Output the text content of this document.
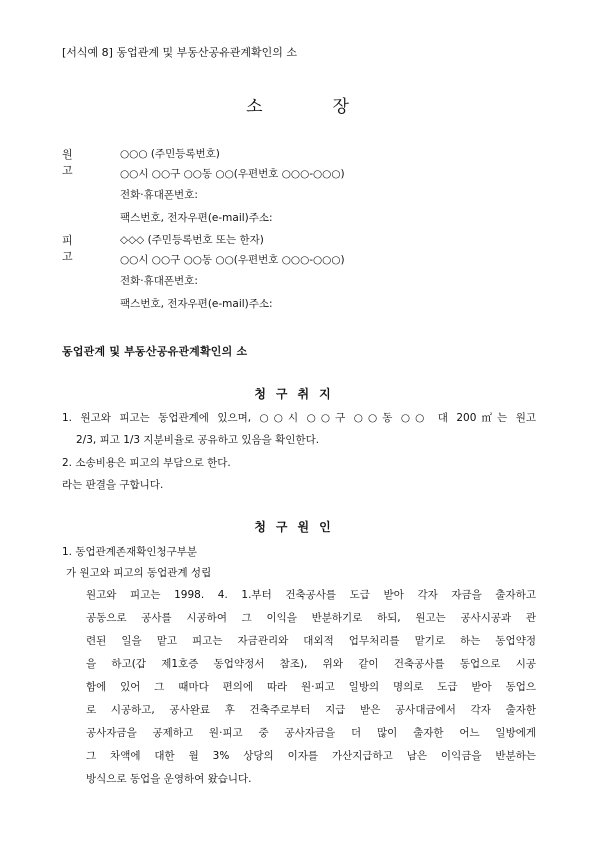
[서식예 8] 동업관계 및 부동산공유관계확인의 소
소	장
원고
○○○ (주민등록번호)
○○시 ○○구 ○○동 ○○(우편번호 ○○○-○○○)
전화·휴대폰번호:
팩스번호, 전자우편(e-mail)주소:
피고
◇◇◇ (주민등록번호 또는 한자)
○○시 ○○구 ○○동 ○○(우편번호 ○○○-○○○)
전화·휴대폰번호:
팩스번호, 전자우편(e-mail)주소:
동업관계 및 부동산공유관계확인의 소
청구취지
1. 원고와 피고는 동업관계에 있으며, ○○시 ○○구 ○○동 ○○ 대 200㎡는 원고
2/3, 피고 1/3 지분비율로 공유하고 있음을 확인한다.
2. 소송비용은 피고의 부담으로 한다.
라는 판결을 구합니다.
청구원인
1. 동업관계존재확인청구부분
가 원고와 피고의 동업관계 성립
원고와 피고는 1998. 4. 1.부터 건축공사를 도급 받아 각자 자금을 출자하고
공동으로 공사를 시공하여 그 이익을 반분하기로 하되, 원고는 공사시공과 관
련된 일을 맡고 피고는 자금관리와 대외적 업무처리를 맡기로 하는 동업약정
을 하고(갑 제1호증 동업약정서 참조), 위와 같이 건축공사를 동업으로 시공
함에 있어 그 때마다 편의에 따라 원·피고 일방의 명의로 도급 받아 동업으
로 시공하고, 공사완료 후 건축주로부터 지급 받은 공사대금에서 각자 출자한
공사자금을 공제하고 원·피고 중 공사자금을 더 많이 출자한 어느 일방에게
그 차액에 대한 월 3% 상당의 이자를 가산지급하고 남은 이익금을 반분하는
방식으로 동업을 운영하여 왔습니다.
